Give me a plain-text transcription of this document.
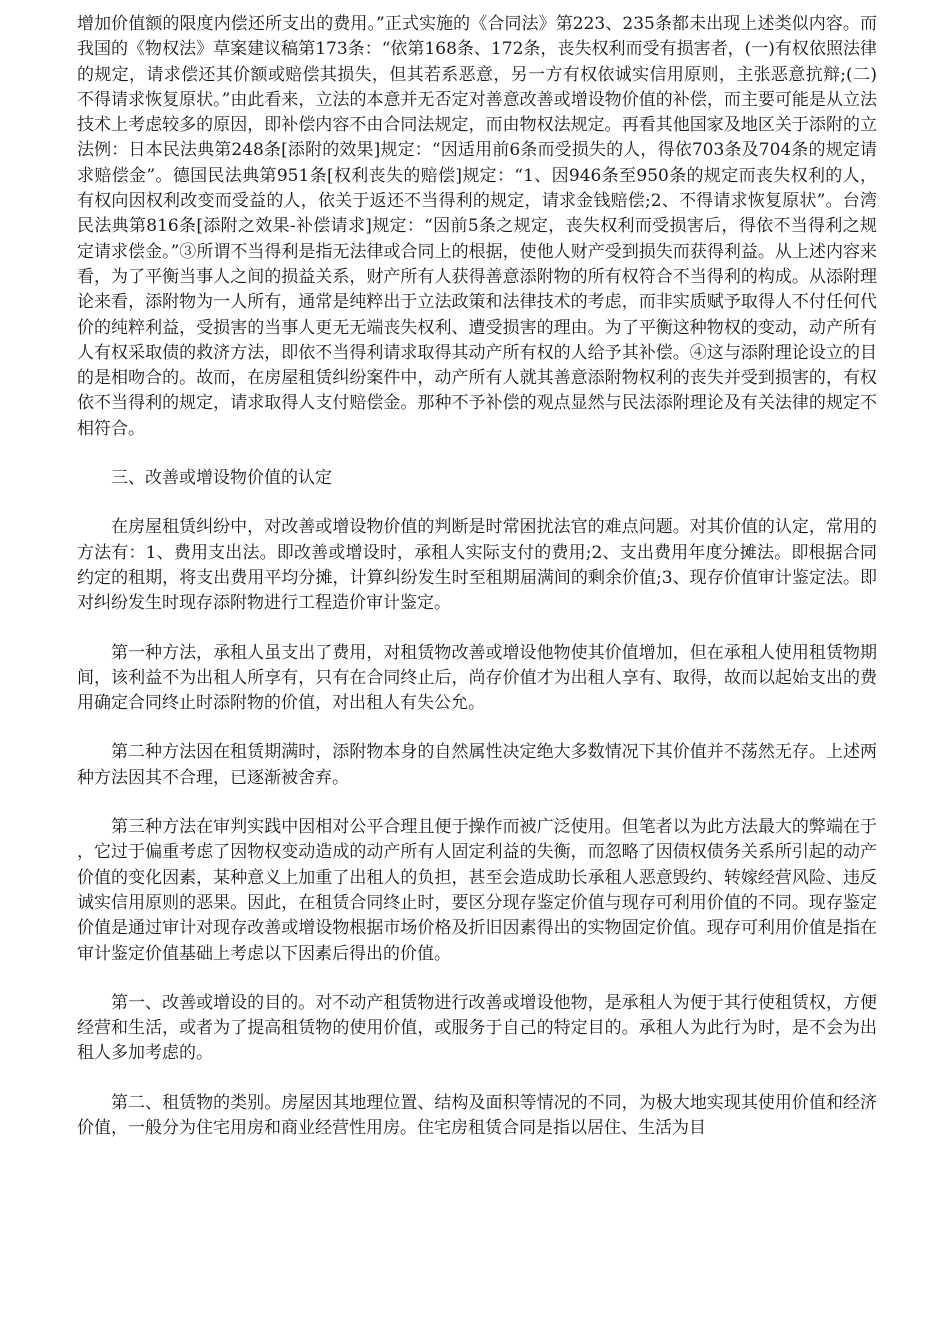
增加价值额的限度内偿还所支出的费用。”正式实施的《合同法》第223、235条都未出现上述类似内容。而我国的《物权法》草案建议稿第173条：“依第168条、172条，丧失权利而受有损害者，(一)有权依照法律的规定，请求偿还其价额或赔偿其损失，但其若系恶意，另一方有权依诚实信用原则，主张恶意抗辩;(二)不得请求恢复原状。”由此看来，立法的本意并无否定对善意改善或增设物价值的补偿，而主要可能是从立法技术上考虑较多的原因，即补偿内容不由合同法规定，而由物权法规定。再看其他国家及地区关于添附的立法例：日本民法典第248条[添附的效果]规定：“因适用前6条而受损失的人，得依703条及704条的规定请求赔偿金”。德国民法典第951条[权利丧失的赔偿]规定：“1、因946条至950条的规定而丧失权利的人，有权向因权利改变而受益的人，依关于返还不当得利的规定，请求金钱赔偿;2、不得请求恢复原状”。台湾民法典第816条[添附之效果-补偿请求]规定：“因前5条之规定，丧失权利而受损害后，得依不当得利之规定请求偿金。”③所谓不当得利是指无法律或合同上的根据，使他人财产受到损失而获得利益。从上述内容来看，为了平衡当事人之间的损益关系，财产所有人获得善意添附物的所有权符合不当得利的构成。从添附理论来看，添附物为一人所有，通常是纯粹出于立法政策和法律技术的考虑，而非实质赋予取得人不付任何代价的纯粹利益，受损害的当事人更无无端丧失权利、遭受损害的理由。为了平衡这种物权的变动，动产所有人有权采取债的救济方法，即依不当得利请求取得其动产所有权的人给予其补偿。④这与添附理论设立的目的是相吻合的。故而，在房屋租赁纠纷案件中，动产所有人就其善意添附物权利的丧失并受到损害的，有权依不当得利的规定，请求取得人支付赔偿金。那种不予补偿的观点显然与民法添附理论及有关法律的规定不相符合。

三、改善或增设物价值的认定

在房屋租赁纠纷中，对改善或增设物价值的判断是时常困扰法官的难点问题。对其价值的认定，常用的方法有：1、费用支出法。即改善或增设时，承租人实际支付的费用;2、支出费用年度分摊法。即根据合同约定的租期，将支出费用平均分摊，计算纠纷发生时至租期届满间的剩余价值;3、现存价值审计鉴定法。即对纠纷发生时现存添附物进行工程造价审计鉴定。

第一种方法，承租人虽支出了费用，对租赁物改善或增设他物使其价值增加，但在承租人使用租赁物期间，该利益不为出租人所享有，只有在合同终止后，尚存价值才为出租人享有、取得，故而以起始支出的费用确定合同终止时添附物的价值，对出租人有失公允。

第二种方法因在租赁期满时，添附物本身的自然属性决定绝大多数情况下其价值并不荡然无存。上述两种方法因其不合理，已逐渐被舍弃。

第三种方法在审判实践中因相对公平合理且便于操作而被广泛使用。但笔者以为此方法最大的弊端在于，它过于偏重考虑了因物权变动造成的动产所有人固定利益的失衡，而忽略了因债权债务关系所引起的动产价值的变化因素，某种意义上加重了出租人的负担，甚至会造成助长承租人恶意毁约、转嫁经营风险、违反诚实信用原则的恶果。因此，在租赁合同终止时，要区分现存鉴定价值与现存可利用价值的不同。现存鉴定价值是通过审计对现存改善或增设物根据市场价格及折旧因素得出的实物固定价值。现存可利用价值是指在审计鉴定价值基础上考虑以下因素后得出的价值。

第一、改善或增设的目的。对不动产租赁物进行改善或增设他物，是承租人为便于其行使租赁权，方便经营和生活，或者为了提高租赁物的使用价值，或服务于自己的特定目的。承租人为此行为时，是不会为出租人多加考虑的。

第二、租赁物的类别。房屋因其地理位置、结构及面积等情况的不同，为极大地实现其使用价值和经济价值，一般分为住宅用房和商业经营性用房。住宅房租赁合同是指以居住、生活为目
